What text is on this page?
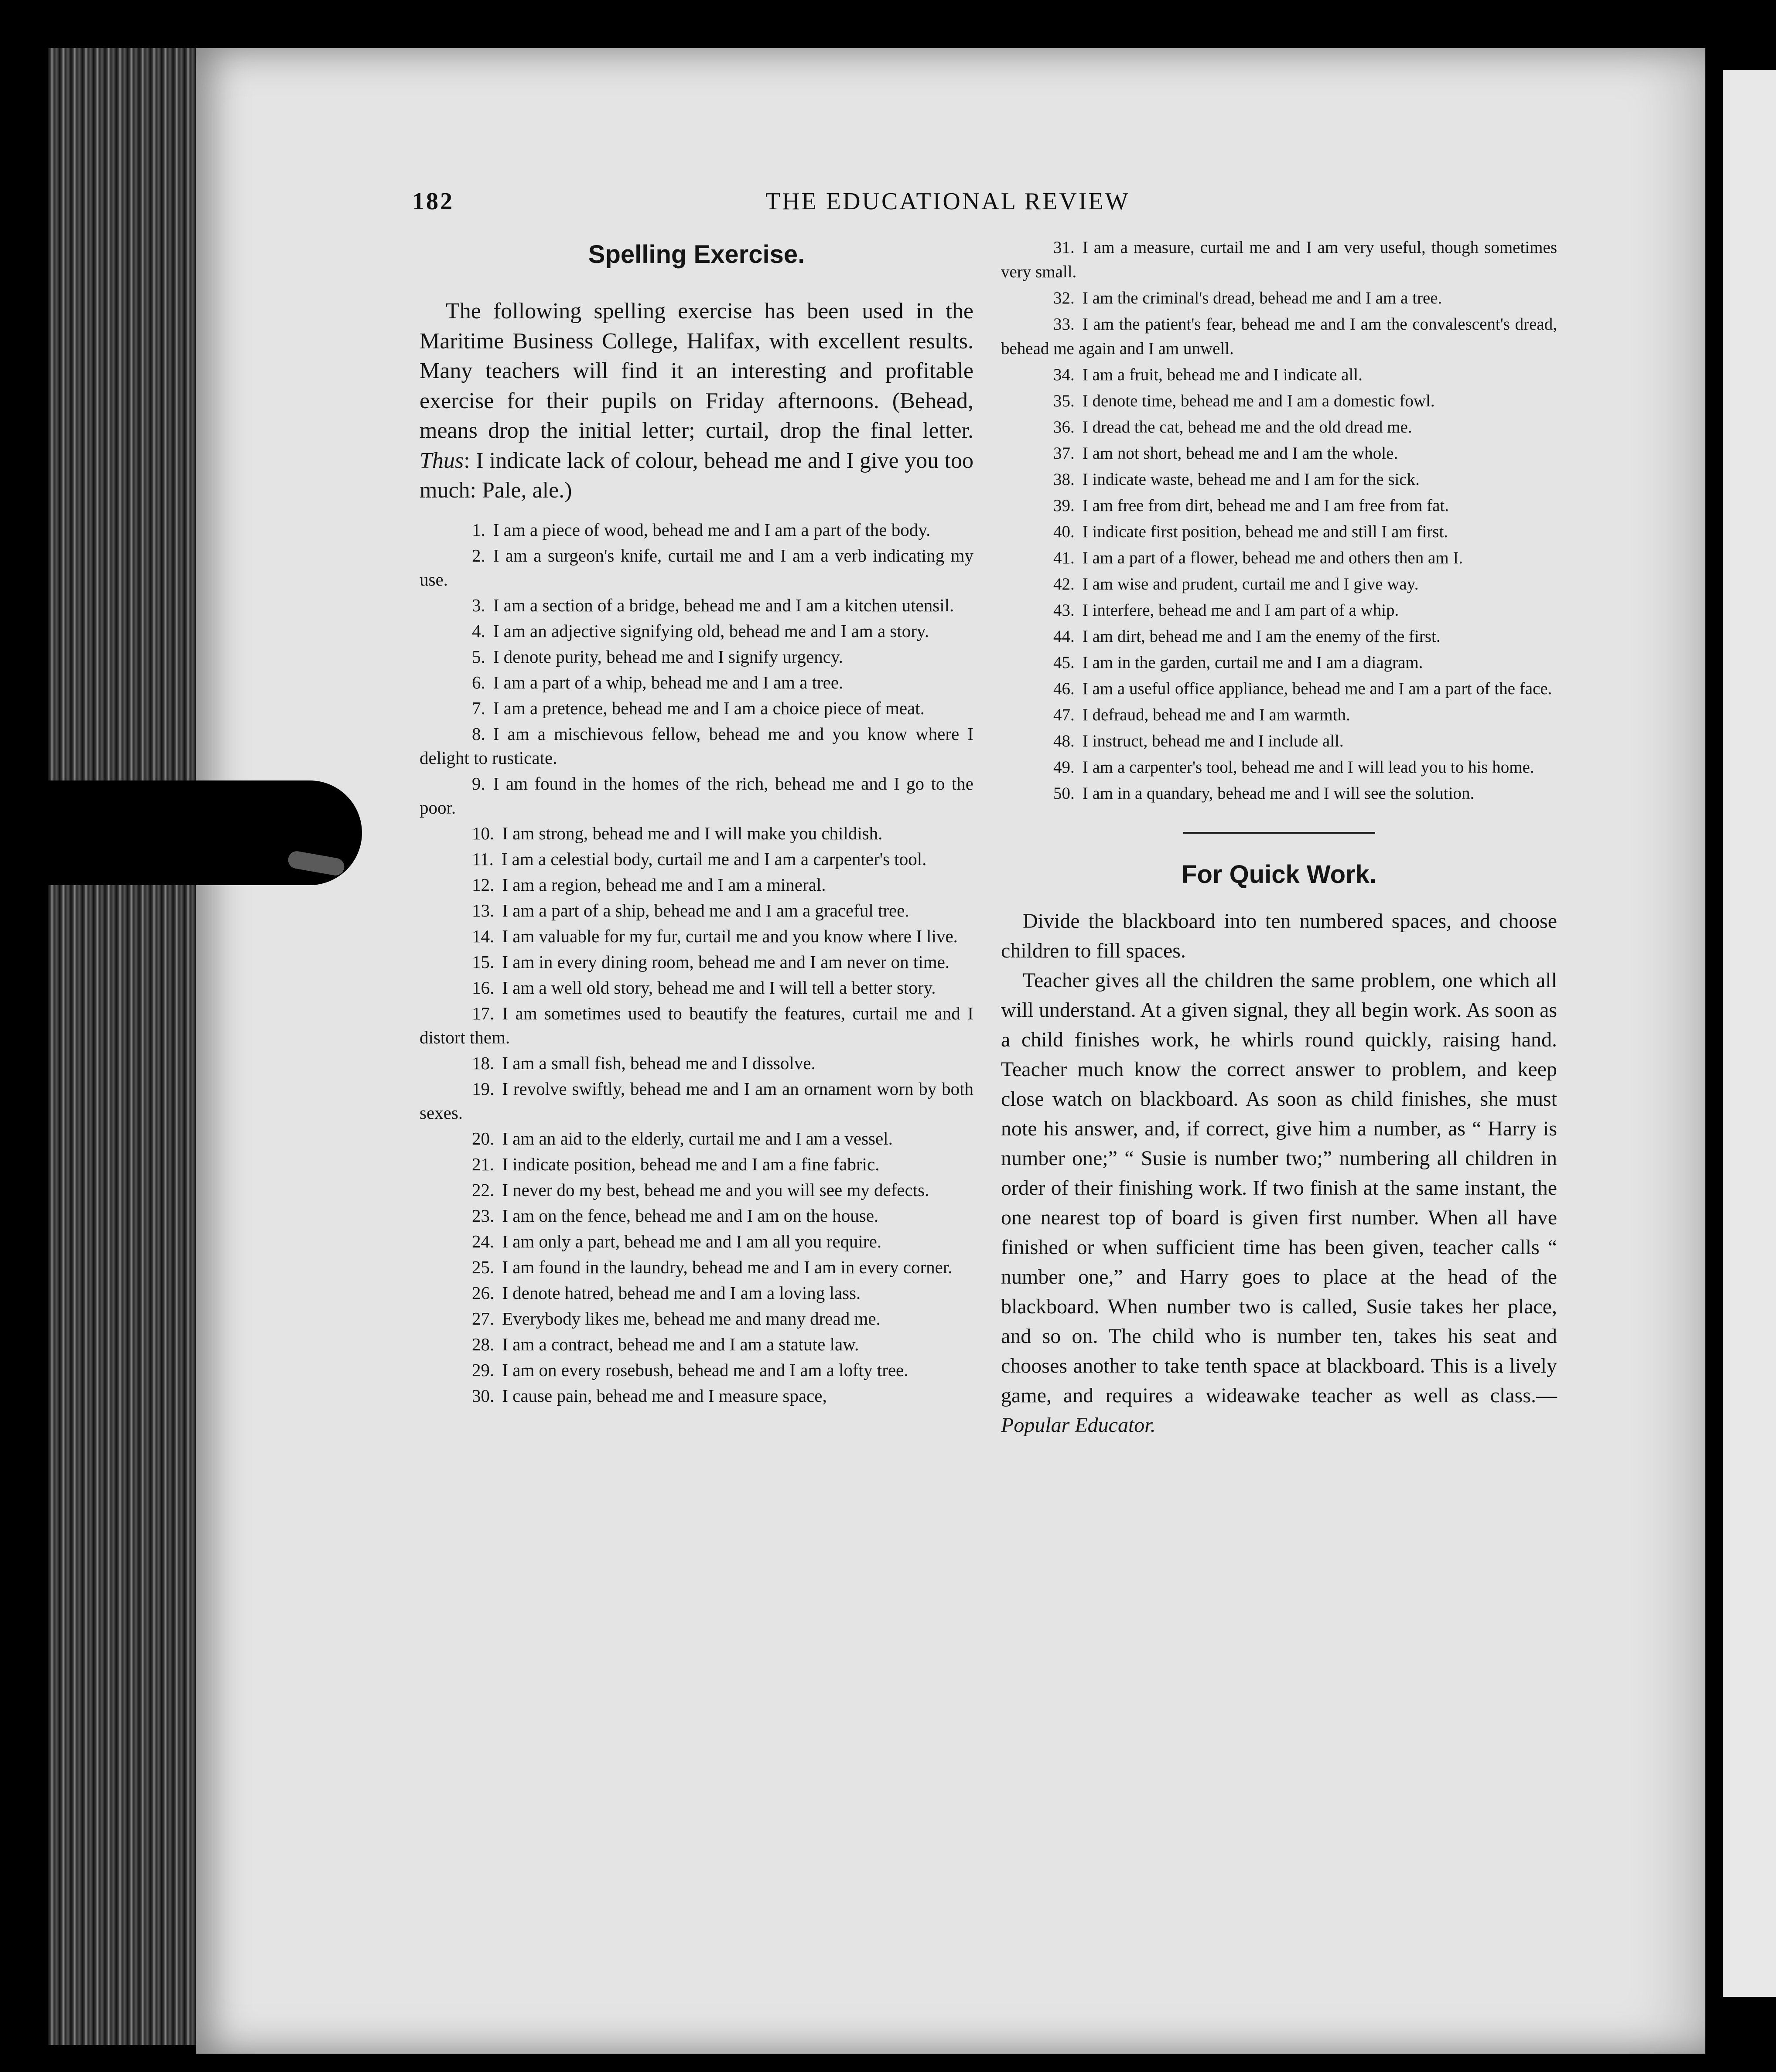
182	THE EDUCATIONAL REVIEW
Spelling Exercise.

The following spelling exercise has been used in the Maritime Business College, Halifax, with excellent results. Many teachers will find it an interesting and profitable exercise for their pupils on Friday afternoons. (Behead, means drop the initial letter; curtail, drop the final letter. Thus: I indicate lack of colour, behead me and I give you too much: Pale, ale.)

1. I am a piece of wood, behead me and I am a part of the body.
2. I am a surgeon's knife, curtail me and I am a verb indicating my use.
3. I am a section of a bridge, behead me and I am a kitchen utensil.
4. I am an adjective signifying old, behead me and I am a story.
5. I denote purity, behead me and I signify urgency.
6. I am a part of a whip, behead me and I am a tree.
7. I am a pretence, behead me and I am a choice piece of meat.
8. I am a mischievous fellow, behead me and you know where I delight to rusticate.
9. I am found in the homes of the rich, behead me and I go to the poor.
10. I am strong, behead me and I will make you childish.
11. I am a celestial body, curtail me and I am a carpenter's tool.
12. I am a region, behead me and I am a mineral.
13. I am a part of a ship, behead me and I am a graceful tree.
14. I am valuable for my fur, curtail me and you know where I live.
15. I am in every dining room, behead me and I am never on time.
16. I am a well old story, behead me and I will tell a better story.
17. I am sometimes used to beautify the features, curtail me and I distort them.
18. I am a small fish, behead me and I dissolve.
19. I revolve swiftly, behead me and I am an ornament worn by both sexes.
20. I am an aid to the elderly, curtail me and I am a vessel.
21. I indicate position, behead me and I am a fine fabric.
22. I never do my best, behead me and you will see my defects.
23. I am on the fence, behead me and I am on the house.
24. I am only a part, behead me and I am all you require.
25. I am found in the laundry, behead me and I am in every corner.
26. I denote hatred, behead me and I am a loving lass.
27. Everybody likes me, behead me and many dread me.
28. I am a contract, behead me and I am a statute law.
29. I am on every rosebush, behead me and I am a lofty tree.
30. I cause pain, behead me and I measure space,
31. I am a measure, curtail me and I am very useful, though sometimes very small.
32. I am the criminal's dread, behead me and I am a tree.
33. I am the patient's fear, behead me and I am the convalescent's dread, behead me again and I am unwell.
34. I am a fruit, behead me and I indicate all.
35. I denote time, behead me and I am a domestic fowl.
36. I dread the cat, behead me and the old dread me.
37. I am not short, behead me and I am the whole.
38. I indicate waste, behead me and I am for the sick.
39. I am free from dirt, behead me and I am free from fat.
40. I indicate first position, behead me and still I am first.
41. I am a part of a flower, behead me and others then am I.
42. I am wise and prudent, curtail me and I give way.
43. I interfere, behead me and I am part of a whip.
44. I am dirt, behead me and I am the enemy of the first.
45. I am in the garden, curtail me and I am a diagram.
46. I am a useful office appliance, behead me and I am a part of the face.
47. I defraud, behead me and I am warmth.
48. I instruct, behead me and I include all.
49. I am a carpenter's tool, behead me and I will lead you to his home.
50. I am in a quandary, behead me and I will see the solution.
For Quick Work.

Divide the blackboard into ten numbered spaces, and choose children to fill spaces.

Teacher gives all the children the same problem, one which all will understand. At a given signal, they all begin work. As soon as a child finishes work, he whirls round quickly, raising hand. Teacher much know the correct answer to problem, and keep close watch on blackboard. As soon as child finishes, she must note his answer, and, if correct, give him a number, as “ Harry is number one;” “ Susie is number two;” numbering all children in order of their finishing work. If two finish at the same instant, the one nearest top of board is given first number. When all have finished or when sufficient time has been given, teacher calls “ number one,” and Harry goes to place at the head of the blackboard. When number two is called, Susie takes her place, and so on. The child who is number ten, takes his seat and chooses another to take tenth space at blackboard. This is a lively game, and requires a wideawake teacher as well as class.—Popular Educator.
